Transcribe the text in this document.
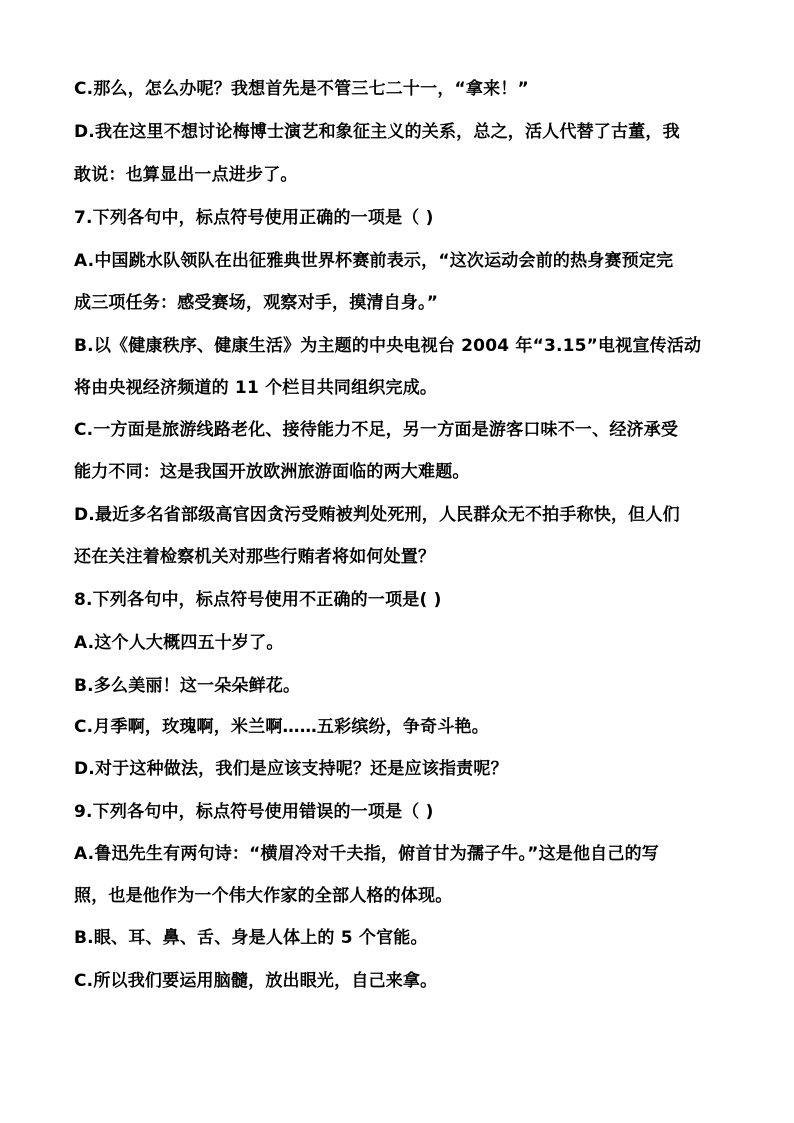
C.那么，怎么办呢？我想首先是不管三七二十一，“拿来！”
D.我在这里不想讨论梅博士演艺和象征主义的关系，总之，活人代替了古董，我
敢说：也算显出一点进步了。
7.下列各句中，标点符号使用正确的一项是（ )
A.中国跳水队领队在出征雅典世界杯赛前表示，“这次运动会前的热身赛预定完
成三项任务：感受赛场，观察对手，摸清自身。”
B.以《健康秩序、健康生活》为主题的中央电视台 2004 年“3.15”电视宣传活动
将由央视经济频道的 11 个栏目共同组织完成。
C.一方面是旅游线路老化、接待能力不足，另一方面是游客口味不一、经济承受
能力不同：这是我国开放欧洲旅游面临的两大难题。
D.最近多名省部级高官因贪污受贿被判处死刑，人民群众无不拍手称快，但人们
还在关注着检察机关对那些行贿者将如何处置？
8.下列各句中，标点符号使用不正确的一项是( )
A.这个人大概四五十岁了。
B.多么美丽！这一朵朵鲜花。
C.月季啊，玫瑰啊，米兰啊……五彩缤纷，争奇斗艳。
D.对于这种做法，我们是应该支持呢？还是应该指责呢？
9.下列各句中，标点符号使用错误的一项是（ )
A.鲁迅先生有两句诗：“横眉冷对千夫指，俯首甘为孺子牛。”这是他自己的写
照，也是他作为一个伟大作家的全部人格的体现。
B.眼、耳、鼻、舌、身是人体上的 5 个官能。
C.所以我们要运用脑髓，放出眼光，自己来拿。
